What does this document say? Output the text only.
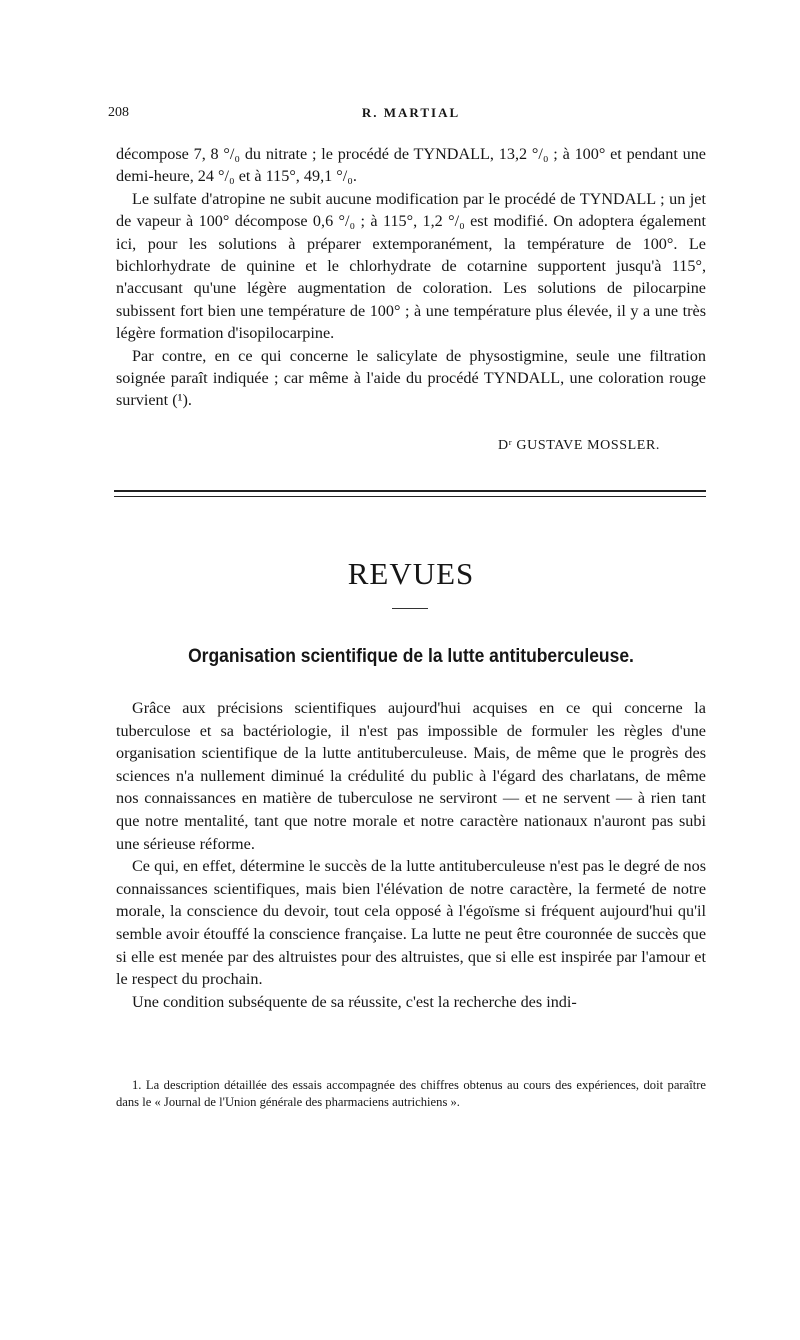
208	R. MARTIAL

décompose 7, 8 °/₀ du nitrate ; le procédé de TYNDALL, 13,2 °/₀ ; à 100° et pendant une demi-heure, 24 °/₀ et à 115°, 49,1 °/₀.

Le sulfate d'atropine ne subit aucune modification par le procédé de TYNDALL ; un jet de vapeur à 100° décompose 0,6 °/₀ ; à 115°, 1,2 °/₀ est modifié. On adoptera également ici, pour les solutions à préparer extemporanément, la température de 100°. Le bichlorhydrate de quinine et le chlorhydrate de cotarnine supportent jusqu'à 115°, n'accusant qu'une légère augmentation de coloration. Les solutions de pilocarpine subissent fort bien une température de 100° ; à une température plus élevée, il y a une très légère formation d'isopilocarpine.

Par contre, en ce qui concerne le salicylate de physostigmine, seule une filtration soignée paraît indiquée ; car même à l'aide du procédé TYNDALL, une coloration rouge survient (¹).

Dʳ GUSTAVE MOSSLER.
REVUES
Organisation scientifique de la lutte antituberculeuse.

Grâce aux précisions scientifiques aujourd'hui acquises en ce qui concerne la tuberculose et sa bactériologie, il n'est pas impossible de formuler les règles d'une organisation scientifique de la lutte antituberculeuse. Mais, de même que le progrès des sciences n'a nullement diminué la crédulité du public à l'égard des charlatans, de même nos connaissances en matière de tuberculose ne serviront — et ne servent — à rien tant que notre mentalité, tant que notre morale et notre caractère nationaux n'auront pas subi une sérieuse réforme.

Ce qui, en effet, détermine le succès de la lutte antituberculeuse n'est pas le degré de nos connaissances scientifiques, mais bien l'élévation de notre caractère, la fermeté de notre morale, la conscience du devoir, tout cela opposé à l'égoïsme si fréquent aujourd'hui qu'il semble avoir étouffé la conscience française. La lutte ne peut être couronnée de succès que si elle est menée par des altruistes pour des altruistes, que si elle est inspirée par l'amour et le respect du prochain.

Une condition subséquente de sa réussite, c'est la recherche des indi-

1. La description détaillée des essais accompagnée des chiffres obtenus au cours des expériences, doit paraître dans le « Journal de l'Union générale des pharmaciens autrichiens ».
